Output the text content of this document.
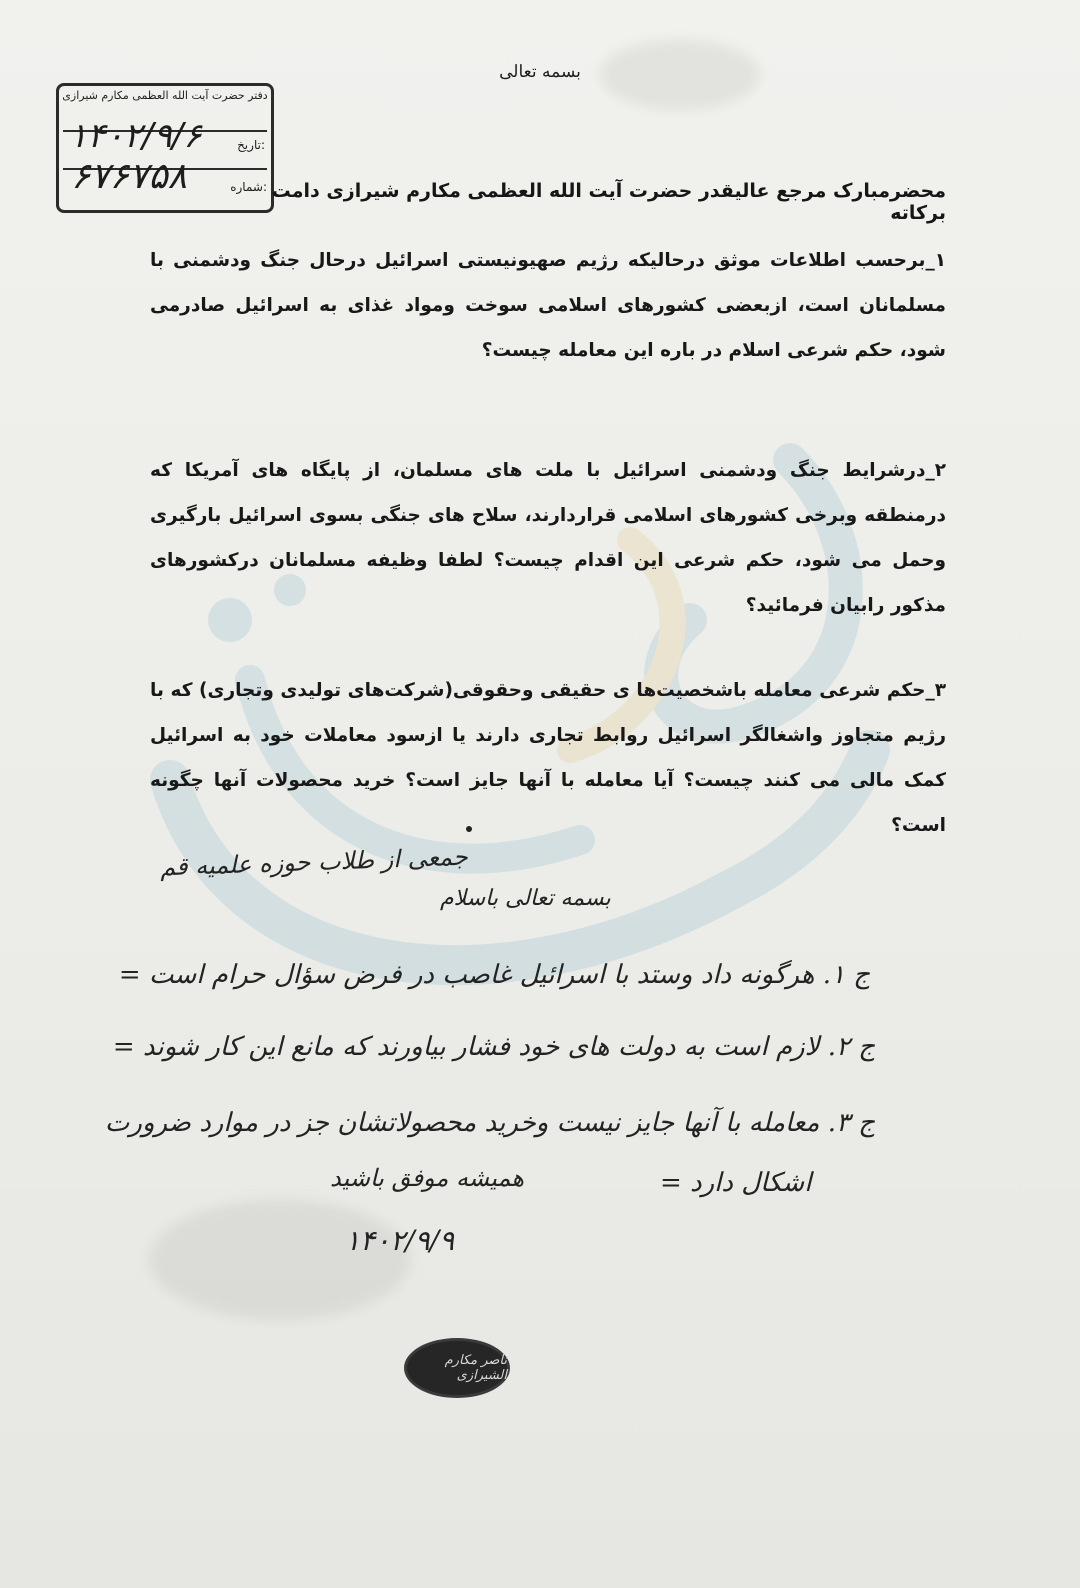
بسمه تعالی
دفتر حضرت آیت الله العظمی مکارم شیرازی
تاریخ:
۱۴۰۲/۹/۶
شماره:
۶۷۶۷۵۸	محضرمبارک مرجع عالیقدر حضرت آیت الله العظمی مکارم شیرازی دامت برکاته
۱_برحسب اطلاعات موثق درحالیکه رژیم صهیونیستی اسرائیل درحال جنگ ودشمنی با مسلمانان است، ازبعضی کشورهای اسلامی سوخت ومواد غذای به اسرائیل صادرمی شود، حکم شرعی اسلام در باره این معامله چیست؟
۲_درشرایط جنگ ودشمنی اسرائیل با ملت های مسلمان، از پایگاه های آمریکا که درمنطقه وبرخی کشورهای اسلامی قراردارند، سلاح های جنگی بسوی اسرائیل بارگیری وحمل می شود، حکم شرعی این اقدام چیست؟ لطفا وظیفه مسلمانان درکشورهای مذکور رابیان فرمائید؟
۳_حکم شرعی معامله باشخصیت‌ها ی حقیقی وحقوقی(شرکت‌های تولیدی وتجاری) که با رژیم متجاوز واشغالگر اسرائیل روابط تجاری دارند یا ازسود معاملات خود به اسرائیل کمک مالی می کنند چیست؟ آیا معامله با آنها جایز است؟ خرید محصولات آنها چگونه است؟
جمعی از طلاب حوزه علمیه قم
بسمه تعالی باسلام
ج ۱. هرگونه داد وستد با اسرائیل غاصب در فرض سؤال حرام است =
ج ۲. لازم است به دولت های خود فشار بیاورند که مانع این کار شوند =
ج ۳. معامله با آنها جایز نیست وخرید محصولاتشان جز در موارد ضرورت
اشکال دارد =
همیشه موفق باشید
۱۴۰۲/۹/۹
ناصر مکارم الشیرازی
